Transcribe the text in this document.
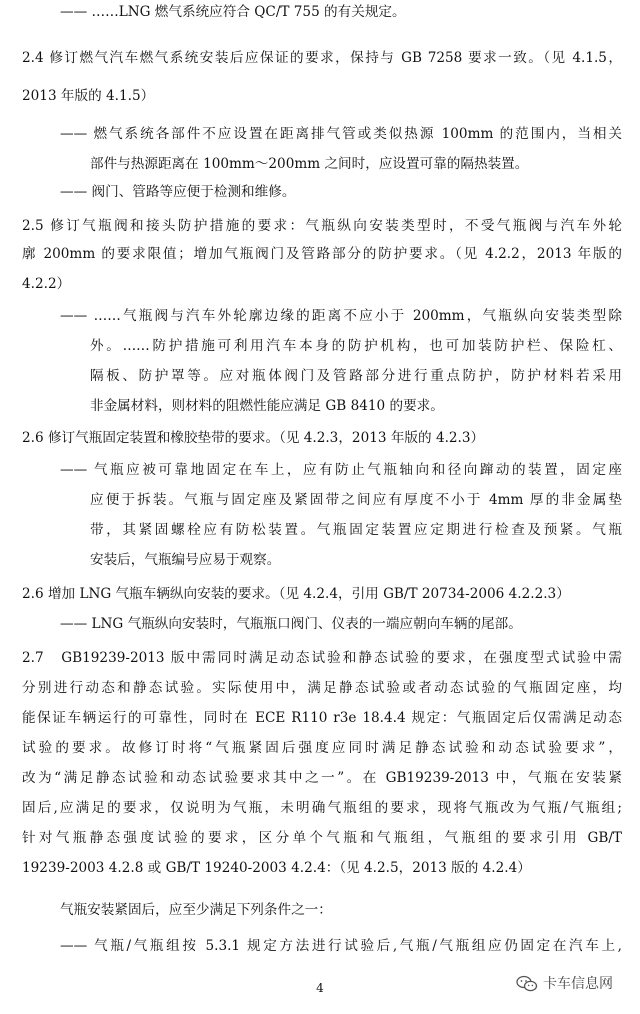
—— ……LNG 燃气系统应符合 QC/T 755 的有关规定。
2.4 修订燃气汽车燃气系统安装后应保证的要求，保持与 GB 7258 要求一致。（见 4.1.5，
2013 年版的 4.1.5）
—— 燃气系统各部件不应设置在距离排气管或类似热源 100mm 的范围内，当相关
部件与热源距离在 100mm～200mm 之间时，应设置可靠的隔热装置。
—— 阀门、管路等应便于检测和维修。
2.5 修订气瓶阀和接头防护措施的要求：气瓶纵向安装类型时，不受气瓶阀与汽车外轮
廓 200mm 的要求限值；增加气瓶阀门及管路部分的防护要求。（见 4.2.2，2013 年版的
4.2.2）
—— ……气瓶阀与汽车外轮廓边缘的距离不应小于 200mm，气瓶纵向安装类型除
外。……防护措施可利用汽车本身的防护机构，也可加装防护栏、保险杠、
隔板、防护罩等。应对瓶体阀门及管路部分进行重点防护，防护材料若采用
非金属材料，则材料的阻燃性能应满足 GB 8410 的要求。
2.6 修订气瓶固定装置和橡胶垫带的要求。（见 4.2.3，2013 年版的 4.2.3）
—— 气瓶应被可靠地固定在车上，应有防止气瓶轴向和径向蹿动的装置，固定座
应便于拆装。气瓶与固定座及紧固带之间应有厚度不小于 4mm 厚的非金属垫
带，其紧固螺栓应有防松装置。气瓶固定装置应定期进行检查及预紧。气瓶
安装后，气瓶编号应易于观察。
2.6 增加 LNG 气瓶车辆纵向安装的要求。（见 4.2.4，引用 GB/T 20734-2006 4.2.2.3）
—— LNG 气瓶纵向安装时，气瓶瓶口阀门、仪表的一端应朝向车辆的尾部。
2.7　GB19239-2013 版中需同时满足动态试验和静态试验的要求，在强度型式试验中需
分别进行动态和静态试验。实际使用中，满足静态试验或者动态试验的气瓶固定座，均
能保证车辆运行的可靠性，同时在 ECE R110 r3e 18.4.4 规定：气瓶固定后仅需满足动态
试验的要求。故修订时将“气瓶紧固后强度应同时满足静态试验和动态试验要求”，
改为“满足静态试验和动态试验要求其中之一”。在 GB19239-2013 中，气瓶在安装紧
固后,应满足的要求，仅说明为气瓶，未明确气瓶组的要求，现将气瓶改为气瓶/气瓶组;
针对气瓶静态强度试验的要求，区分单个气瓶和气瓶组，气瓶组的要求引用 GB/T
19239-2003 4.2.8 或 GB/T 19240-2003 4.2.4：（见 4.2.5，2013 版的 4.2.4）
气瓶安装紧固后，应至少满足下列条件之一：
—— 气瓶/气瓶组按 5.3.1 规定方法进行试验后,气瓶/气瓶组应仍固定在汽车上,
4	卡车信息网
